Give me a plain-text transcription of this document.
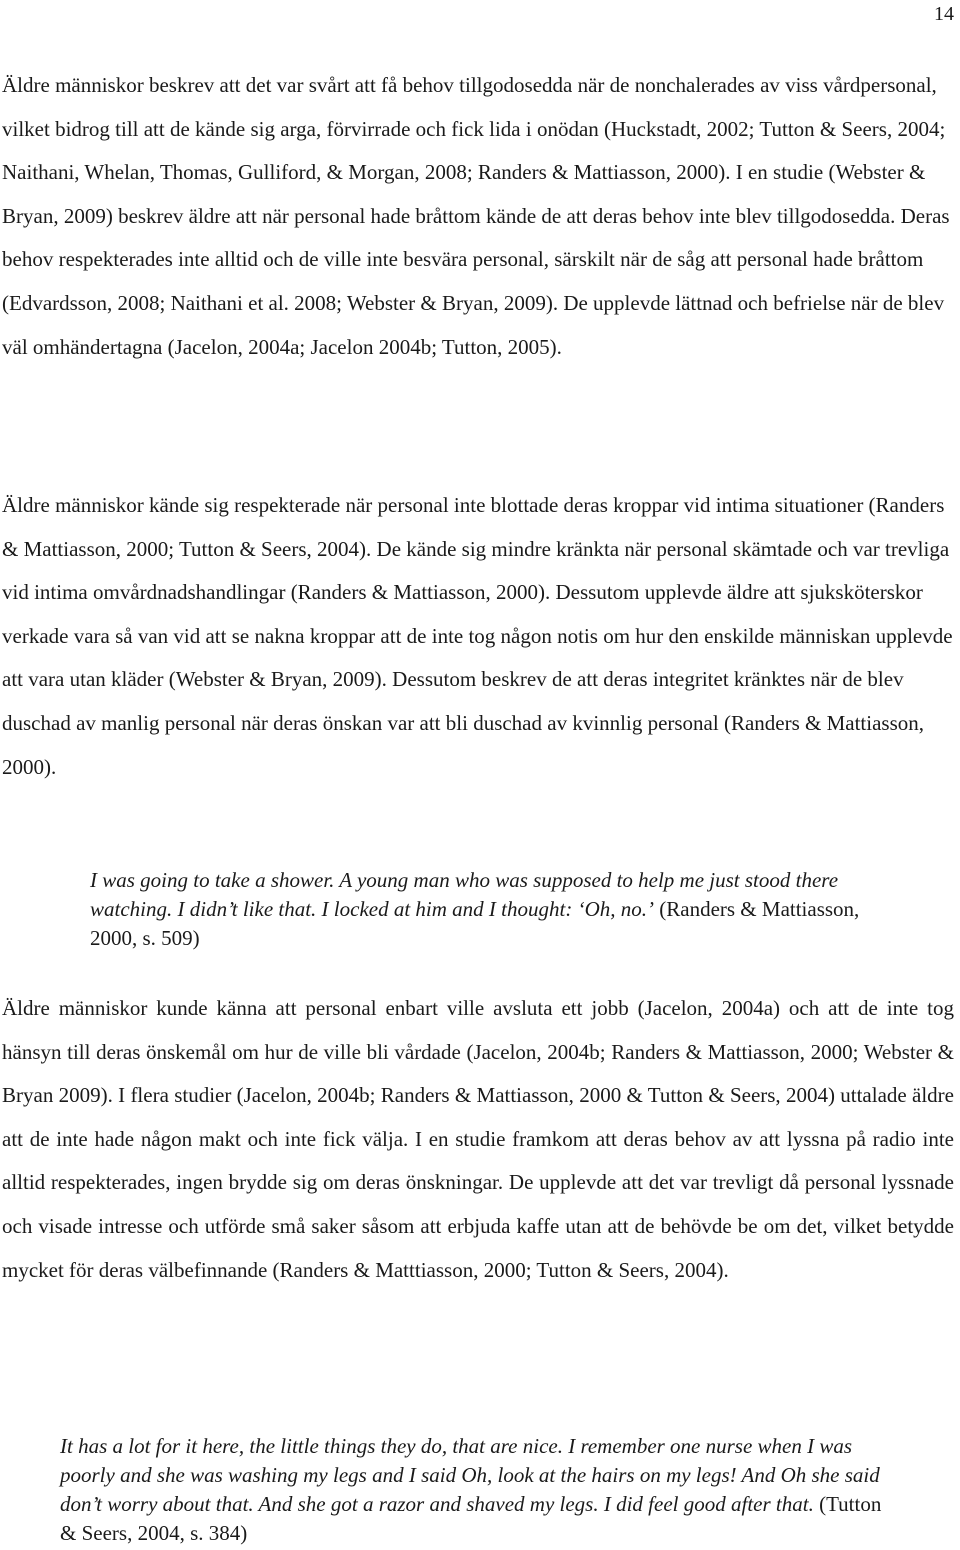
14

Äldre människor beskrev att det var svårt att få behov tillgodosedda när de nonchalerades av viss vårdpersonal, vilket bidrog till att de kände sig arga, förvirrade och fick lida i onödan (Huckstadt, 2002; Tutton & Seers, 2004; Naithani, Whelan, Thomas, Gulliford, & Morgan, 2008; Randers & Mattiasson, 2000). I en studie (Webster & Bryan, 2009) beskrev äldre att när personal hade bråttom kände de att deras behov inte blev tillgodosedda. Deras behov respekterades inte alltid och de ville inte besvära personal, särskilt när de såg att personal hade bråttom (Edvardsson, 2008; Naithani et al. 2008; Webster & Bryan, 2009). De upplevde lättnad och befrielse när de blev väl omhändertagna (Jacelon, 2004a; Jacelon 2004b; Tutton, 2005).

Äldre människor kände sig respekterade när personal inte blottade deras kroppar vid intima situationer (Randers & Mattiasson, 2000; Tutton & Seers, 2004). De kände sig mindre kränkta när personal skämtade och var trevliga vid intima omvårdnadshandlingar (Randers & Mattiasson, 2000). Dessutom upplevde äldre att sjuksköterskor verkade vara så van vid att se nakna kroppar att de inte tog någon notis om hur den enskilde människan upplevde att vara utan kläder (Webster & Bryan, 2009). Dessutom beskrev de att deras integritet kränktes när de blev duschad av manlig personal när deras önskan var att bli duschad av kvinnlig personal (Randers & Mattiasson, 2000).

I was going to take a shower. A young man who was supposed to help me just stood there watching. I didn’t like that. I locked at him and I thought: ‘Oh, no.’ (Randers & Mattiasson, 2000, s. 509)

Äldre människor kunde känna att personal enbart ville avsluta ett jobb (Jacelon, 2004a) och att de inte tog hänsyn till deras önskemål om hur de ville bli vårdade (Jacelon, 2004b; Randers & Mattiasson, 2000; Webster & Bryan 2009). I flera studier (Jacelon, 2004b; Randers & Mattiasson, 2000 & Tutton & Seers, 2004) uttalade äldre att de inte hade någon makt och inte fick välja. I en studie framkom att deras behov av att lyssna på radio inte alltid respekterades, ingen brydde sig om deras önskningar. De upplevde att det var trevligt då personal lyssnade och visade intresse och utförde små saker såsom att erbjuda kaffe utan att de behövde be om det, vilket betydde mycket för deras välbefinnande (Randers & Matttiasson, 2000; Tutton & Seers, 2004).

It has a lot for it here, the little things they do, that are nice. I remember one nurse when I was poorly and she was washing my legs and I said Oh, look at the hairs on my legs! And Oh she said don’t worry about that. And she got a razor and shaved my legs. I did feel good after that. (Tutton & Seers, 2004, s. 384)
